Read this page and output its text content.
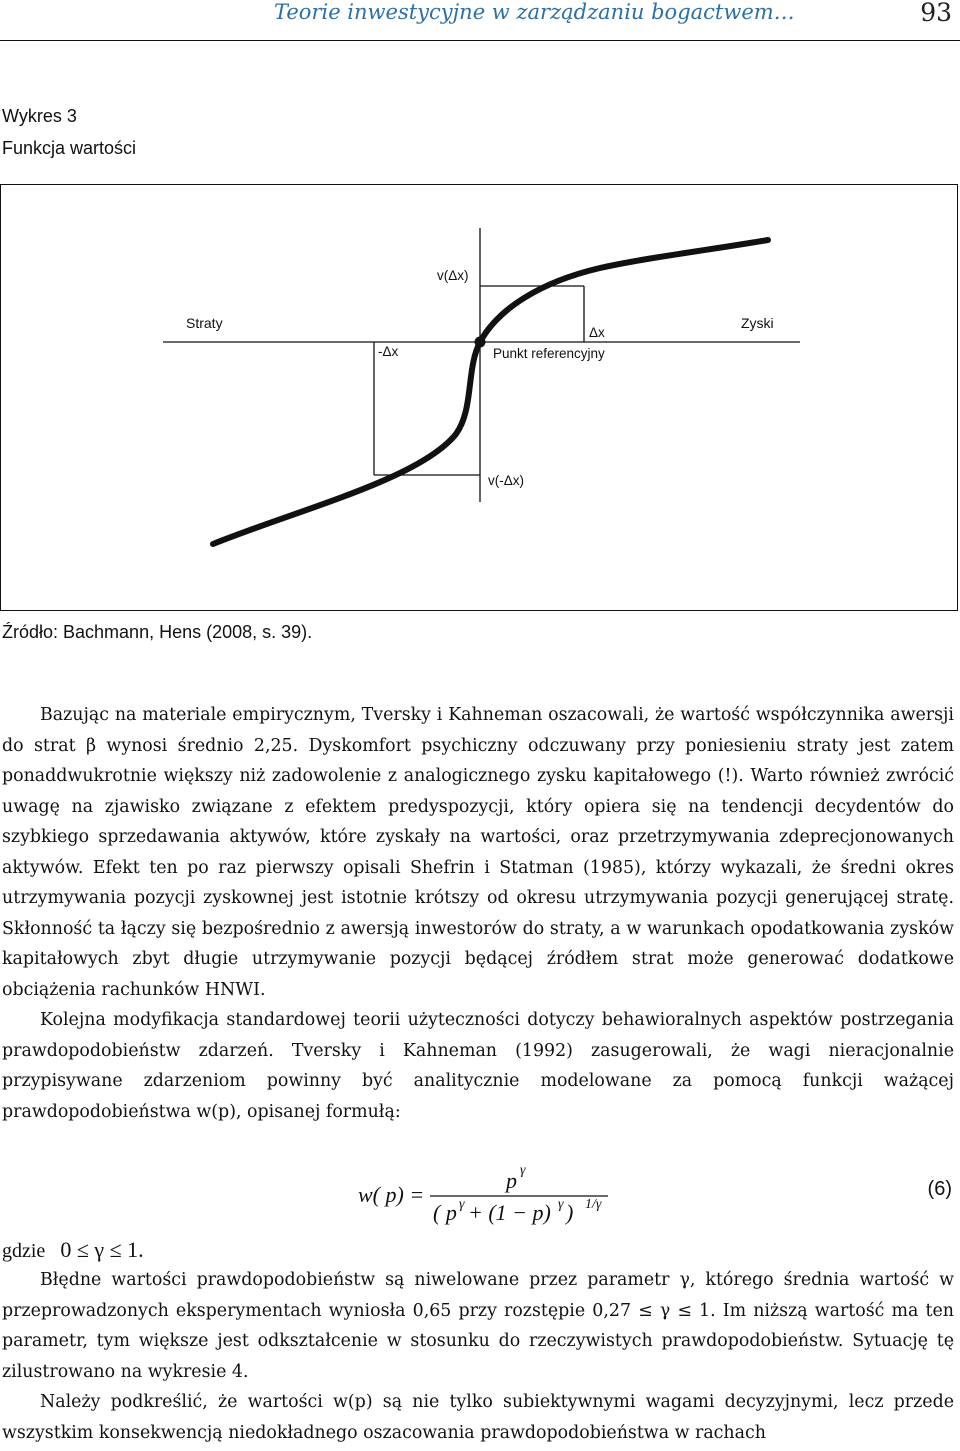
Teorie inwestycyjne w zarządzaniu bogactwem…	93
Wykres 3
Funkcja wartości
v(Δx)
Straty	Zyski
Δx
-Δx	Punkt referencyjny
v(-Δx)
Źródło: Bachmann, Hens (2008, s. 39).

Bazując na materiale empirycznym, Tversky i Kahneman oszacowali, że wartość współczynnika awersji do strat β wynosi średnio 2,25. Dyskomfort psychiczny odczuwany przy poniesieniu straty jest zatem ponaddwukrotnie większy niż zadowolenie z analogicznego zysku kapitałowego (!). Warto również zwrócić uwagę na zjawisko związane z efektem predyspozycji, który opiera się na tendencji decydentów do szybkiego sprzedawania aktywów, które zyskały na wartości, oraz przetrzymywania zdeprecjonowanych aktywów. Efekt ten po raz pierwszy opisali Shefrin i Statman (1985), którzy wykazali, że średni okres utrzymywania pozycji zyskownej jest istotnie krótszy od okresu utrzymywania pozycji generującej stratę. Skłonność ta łączy się bezpośrednio z awersją inwestorów do straty, a w warunkach opodatkowania zysków kapitałowych zbyt długie utrzymywanie pozycji będącej źródłem strat może generować dodatkowe obciążenia rachunków HNWI.

Kolejna modyfikacja standardowej teorii użyteczności dotyczy behawioralnych aspektów postrzegania prawdopodobieństw zdarzeń. Tversky i Kahneman (1992) zasugerowali, że wagi nieracjonalnie przypisywane zdarzeniom powinny być analitycznie modelowane za pomocą funkcji ważącej prawdopodobieństwa w(p), opisanej formułą:

w( p) =
p γ
( p γ + (1 − p) γ ) 1/γ
(6)
gdzie 0 ≤ γ ≤ 1.

Błędne wartości prawdopodobieństw są niwelowane przez parametr γ, którego średnia wartość w przeprowadzonych eksperymentach wyniosła 0,65 przy rozstępie 0,27 ≤ γ ≤ 1. Im niższą wartość ma ten parametr, tym większe jest odkształcenie w stosunku do rzeczywistych prawdopodobieństw. Sytuację tę zilustrowano na wykresie 4.

Należy podkreślić, że wartości w(p) są nie tylko subiektywnymi wagami decyzyjnymi, lecz przede wszystkim konsekwencją niedokładnego oszacowania prawdopodobieństwa w rachach
